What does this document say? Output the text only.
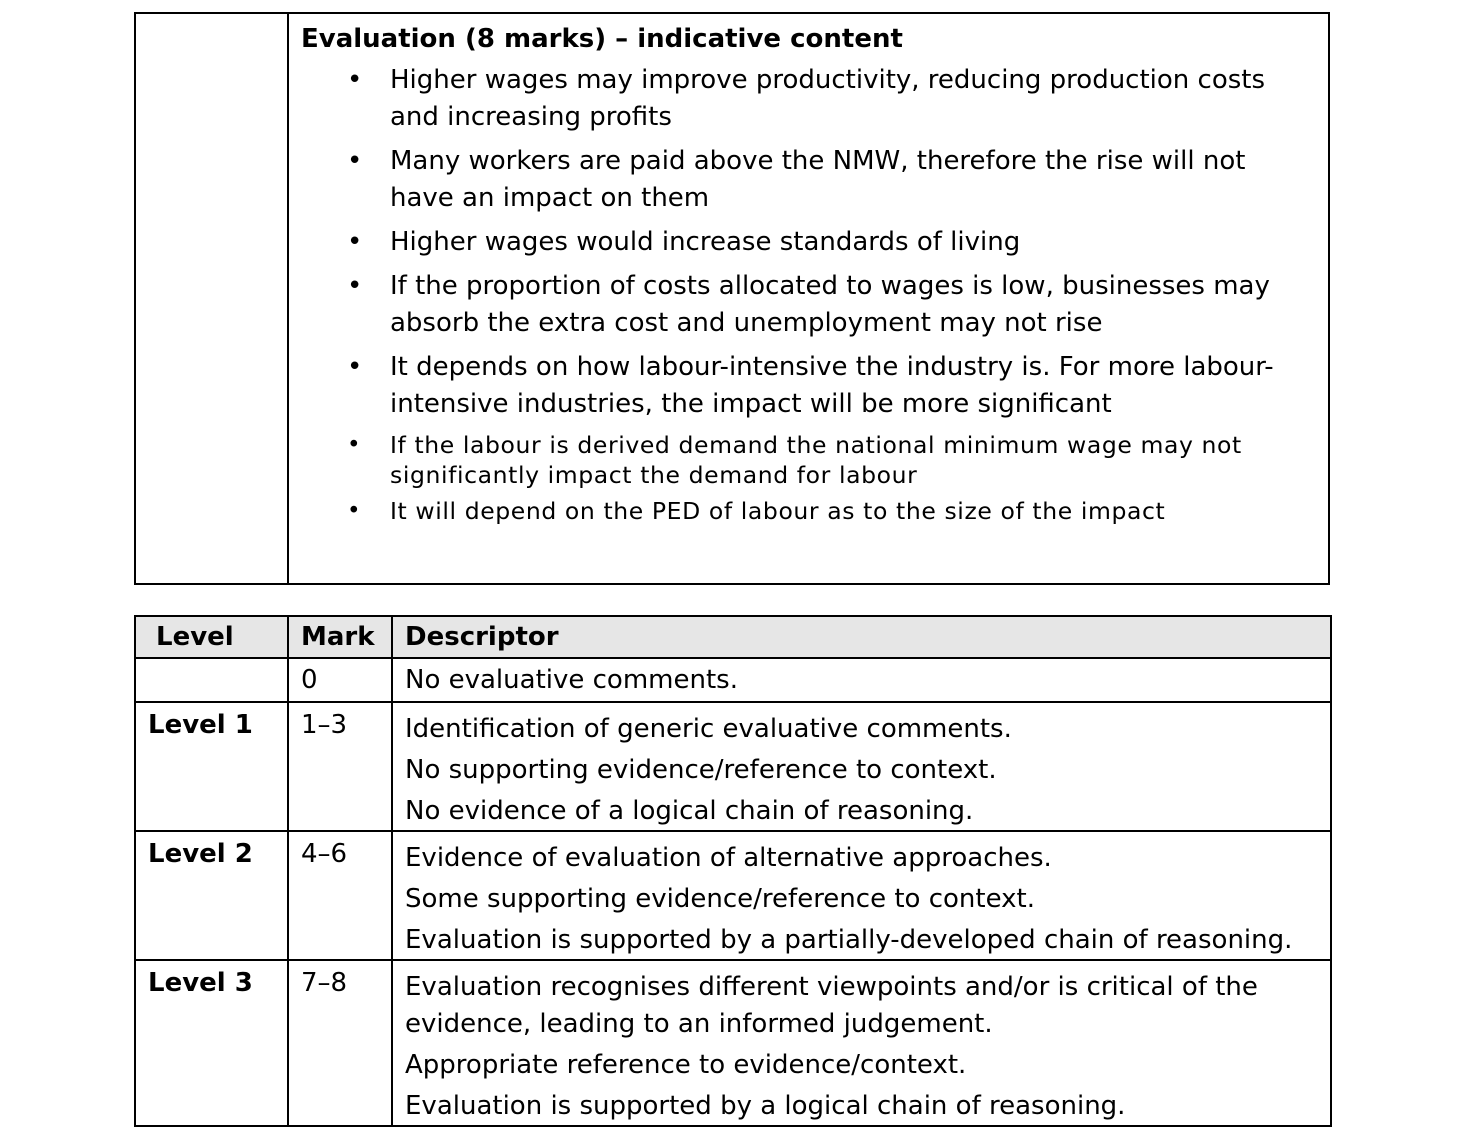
Evaluation (8 marks) – indicative content
• Higher wages may improve productivity, reducing production costs and increasing profits
• Many workers are paid above the NMW, therefore the rise will not have an impact on them
• Higher wages would increase standards of living
• If the proportion of costs allocated to wages is low, businesses may absorb the extra cost and unemployment may not rise
• It depends on how labour-intensive the industry is. For more labour-intensive industries, the impact will be more significant
• If the labour is derived demand the national minimum wage may not significantly impact the demand for labour
• It will depend on the PED of labour as to the size of the impact
Level	Mark	Descriptor
	0	No evaluative comments.
Level 1	1–3	Identification of generic evaluative comments.
No supporting evidence/reference to context.
No evidence of a logical chain of reasoning.

Level 2	4–6	Evidence of evaluation of alternative approaches.
Some supporting evidence/reference to context.
Evaluation is supported by a partially-developed chain of reasoning.

Level 3	7–8	Evaluation recognises different viewpoints and/or is critical of the evidence, leading to an informed judgement.
Appropriate reference to evidence/context.
Evaluation is supported by a logical chain of reasoning.
